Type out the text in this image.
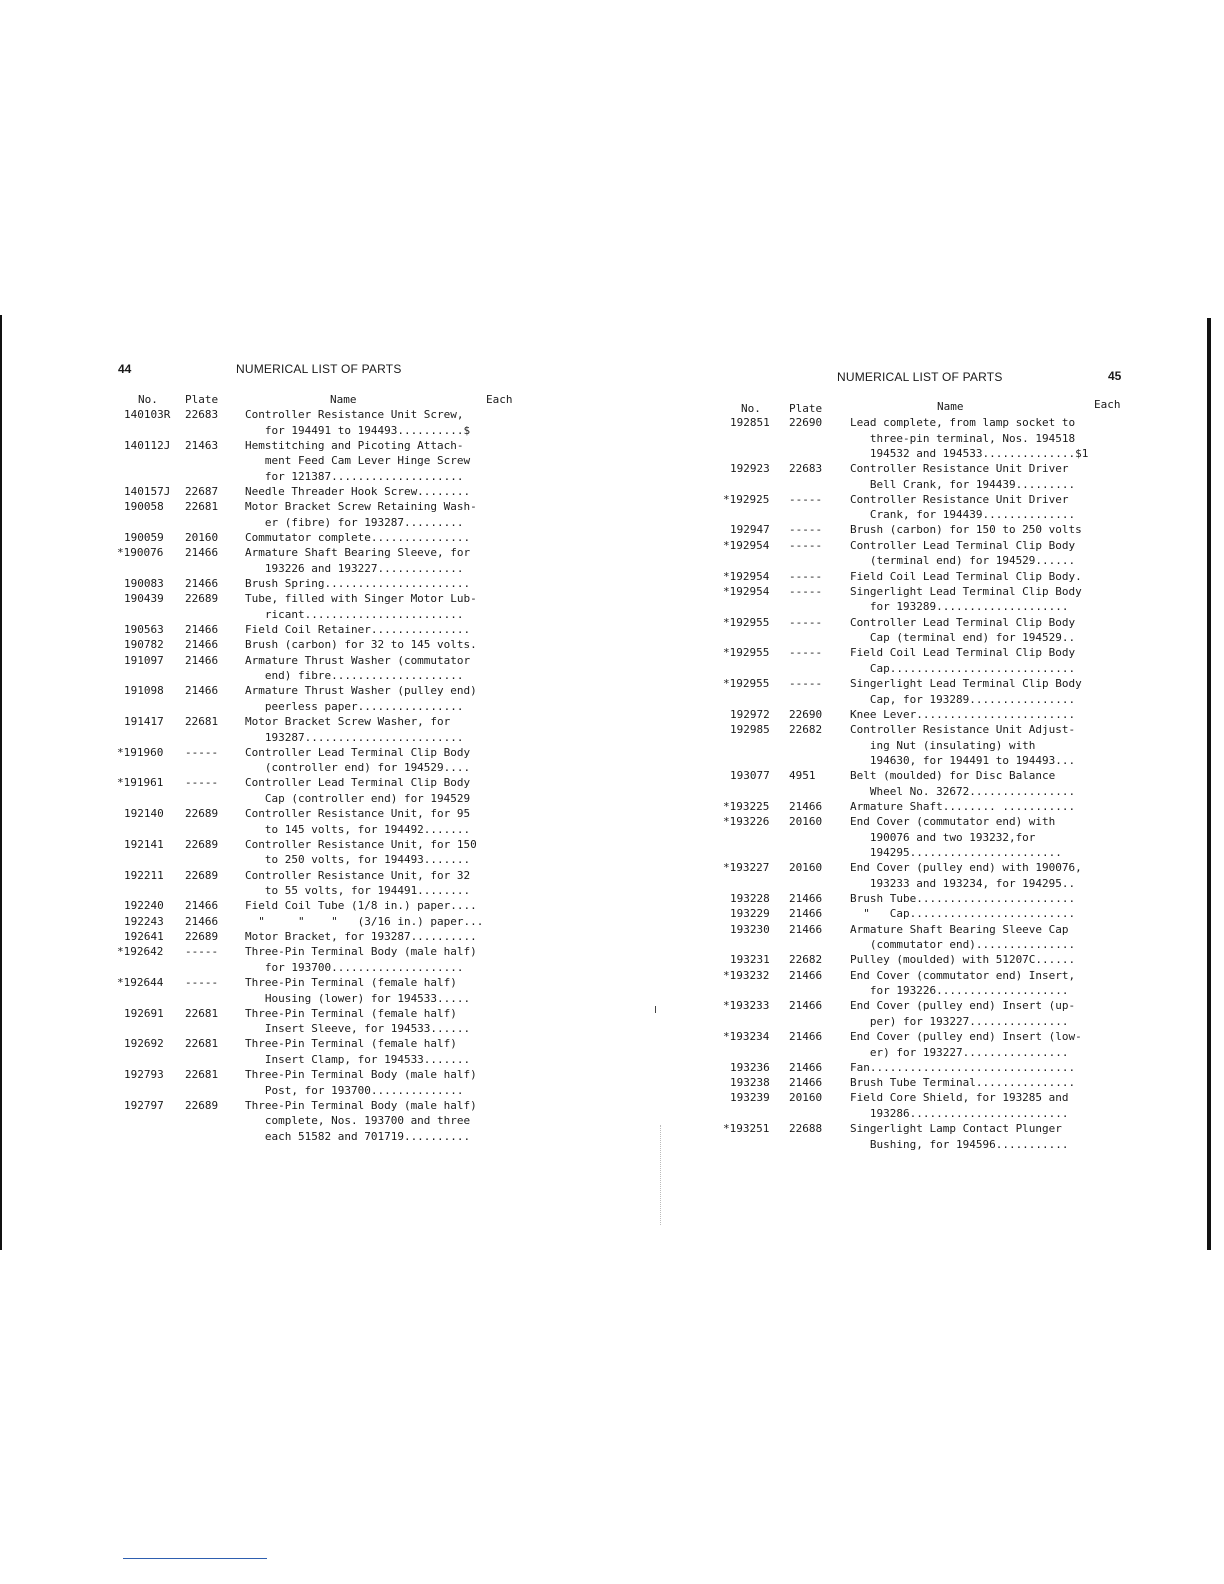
44	NUMERICAL LIST OF PARTS
No. Plate	Name	Each
140103R 22683 Controller Resistance Unit Screw,
for 194491 to 194493..........$
140112J 21463 Hemstitching and Picoting Attach-
ment Feed Cam Lever Hinge Screw
for 121387....................
140157J 22687 Needle Threader Hook Screw........
190058 22681 Motor Bracket Screw Retaining Wash-
er (fibre) for 193287.........
190059 20160 Commutator complete...............
*190076 21466 Armature Shaft Bearing Sleeve, for
193226 and 193227.............
190083 21466 Brush Spring......................
190439 22689 Tube, filled with Singer Motor Lub-
ricant........................
190563 21466 Field Coil Retainer...............
190782 21466 Brush (carbon) for 32 to 145 volts.
191097 21466 Armature Thrust Washer (commutator
end) fibre....................
191098 21466 Armature Thrust Washer (pulley end)
peerless paper................
191417 22681 Motor Bracket Screw Washer, for
193287........................
*191960 ----- Controller Lead Terminal Clip Body
(controller end) for 194529....
*191961 ----- Controller Lead Terminal Clip Body
Cap (controller end) for 194529
192140 22689 Controller Resistance Unit, for 95
to 145 volts, for 194492.......
192141 22689 Controller Resistance Unit, for 150
to 250 volts, for 194493.......
192211 22689 Controller Resistance Unit, for 32
to 55 volts, for 194491........
192240 21466 Field Coil Tube (1/8 in.) paper....
192243 21466 "     "    "   (3/16 in.) paper...
192641 22689 Motor Bracket, for 193287..........
*192642 ----- Three-Pin Terminal Body (male half)
for 193700....................
*192644 ----- Three-Pin Terminal (female half)
Housing (lower) for 194533.....
192691 22681 Three-Pin Terminal (female half)
Insert Sleeve, for 194533......
192692 22681 Three-Pin Terminal (female half)
Insert Clamp, for 194533.......
192793 22681 Three-Pin Terminal Body (male half)
Post, for 193700..............
192797 22689 Three-Pin Terminal Body (male half)
complete, Nos. 193700 and three
each 51582 and 701719..........
NUMERICAL LIST OF PARTS	45
No.	Plate	Name	Each
192851 22690	Lead complete, from lamp socket to
three-pin terminal, Nos. 194518
194532 and 194533..............$1
192923 22683	Controller Resistance Unit Driver
Bell Crank, for 194439.........
*192925 -----	Controller Resistance Unit Driver
Crank, for 194439..............
192947 -----	Brush (carbon) for 150 to 250 volts
*192954 -----	Controller Lead Terminal Clip Body
(terminal end) for 194529......
*192954 -----	Field Coil Lead Terminal Clip Body.
*192954 -----	Singerlight Lead Terminal Clip Body
for 193289....................
*192955 -----	Controller Lead Terminal Clip Body
Cap (terminal end) for 194529..
*192955 -----	Field Coil Lead Terminal Clip Body
Cap............................
*192955 -----	Singerlight Lead Terminal Clip Body
Cap, for 193289................
192972 22690	Knee Lever........................
192985 22682	Controller Resistance Unit Adjust-
ing Nut (insulating) with
194630, for 194491 to 194493...
193077 4951	Belt (moulded) for Disc Balance
Wheel No. 32672................
*193225 21466	Armature Shaft........ ...........
*193226 20160	End Cover (commutator end) with
190076 and two 193232,for
194295.......................
*193227 20160	End Cover (pulley end) with 190076,
193233 and 193234, for 194295..
193228 21466	Brush Tube........................
193229 21466	"   Cap.........................
193230 21466	Armature Shaft Bearing Sleeve Cap
(commutator end)...............
193231 22682	Pulley (moulded) with 51207C......
*193232 21466	End Cover (commutator end) Insert,
for 193226....................
*193233 21466	End Cover (pulley end) Insert (up-
per) for 193227...............
*193234 21466	End Cover (pulley end) Insert (low-
er) for 193227................
193236 21466	Fan...............................
193238 21466	Brush Tube Terminal...............
193239 20160	Field Core Shield, for 193285 and
193286........................
*193251 22688	Singerlight Lamp Contact Plunger
Bushing, for 194596...........
